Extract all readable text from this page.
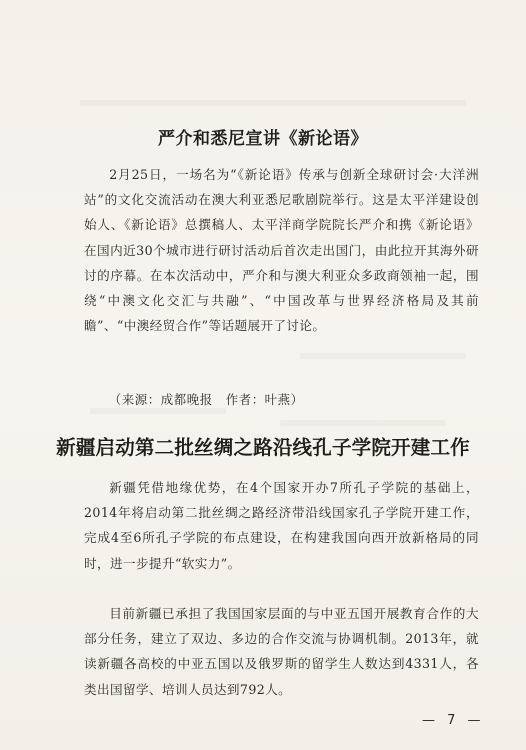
严介和悉尼宣讲《新论语》

2月25日，一场名为“《新论语》传承与创新全球研讨会·大洋洲站”的文化交流活动在澳大利亚悉尼歌剧院举行。这是太平洋建设创始人、《新论语》总撰稿人、太平洋商学院院长严介和携《新论语》在国内近30个城市进行研讨活动后首次走出国门，由此拉开其海外研讨的序幕。在本次活动中，严介和与澳大利亚众多政商领袖一起，围绕“中澳文化交汇与共融”、“中国改革与世界经济格局及其前瞻”、“中澳经贸合作”等话题展开了讨论。

（来源：成都晚报　作者：叶燕）
新疆启动第二批丝绸之路沿线孔子学院开建工作

新疆凭借地缘优势，在4个国家开办7所孔子学院的基础上，2014年将启动第二批丝绸之路经济带沿线国家孔子学院开建工作，完成4至6所孔子学院的布点建设，在构建我国向西开放新格局的同时，进一步提升“软实力”。

目前新疆已承担了我国国家层面的与中亚五国开展教育合作的大部分任务，建立了双边、多边的合作交流与协调机制。2013年，就读新疆各高校的中亚五国以及俄罗斯的留学生人数达到4331人，各类出国留学、培训人员达到792人。

— 7 —
